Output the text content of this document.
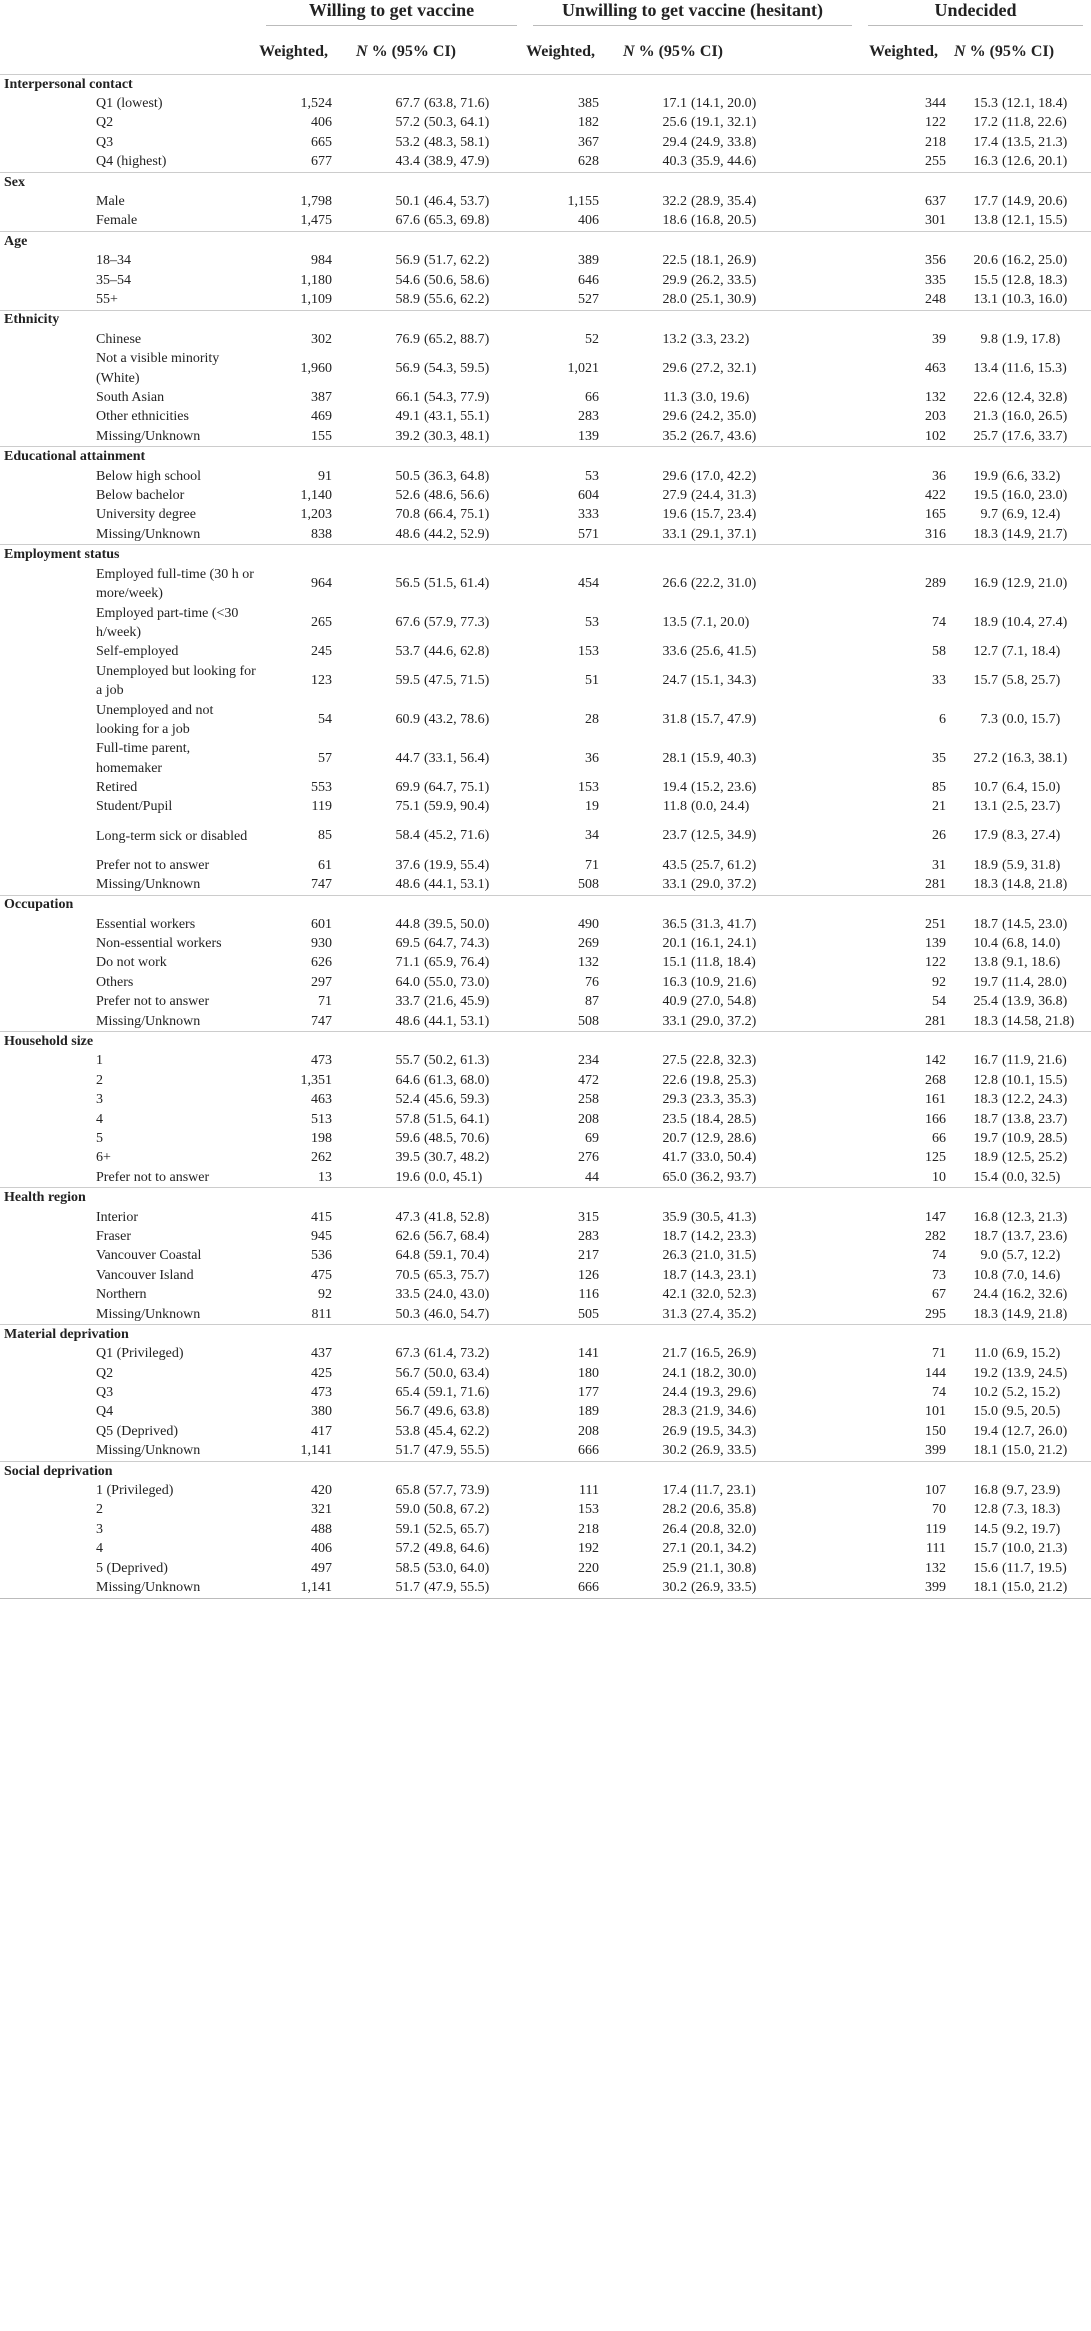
	Willing to get vaccine		Unwilling to get vaccine (hesitant)		Undecided	

	Weighted,	N % (95% CI)	Weighted,	N % (95% CI)	Weighted,	N % (95% CI)
Interpersonal contact						
Q1 (lowest)	1,524	67.7 (63.8, 71.6)	385	17.1 (14.1, 20.0)	344	15.3 (12.1, 18.4)
Q2	406	57.2 (50.3, 64.1)	182	25.6 (19.1, 32.1)	122	17.2 (11.8, 22.6)
Q3	665	53.2 (48.3, 58.1)	367	29.4 (24.9, 33.8)	218	17.4 (13.5, 21.3)
Q4 (highest)	677	43.4 (38.9, 47.9)	628	40.3 (35.9, 44.6)	255	16.3 (12.6, 20.1)
Sex						
Male	1,798	50.1 (46.4, 53.7)	1,155	32.2 (28.9, 35.4)	637	17.7 (14.9, 20.6)
Female	1,475	67.6 (65.3, 69.8)	406	18.6 (16.8, 20.5)	301	13.8 (12.1, 15.5)
Age						
18–34	984	56.9 (51.7, 62.2)	389	22.5 (18.1, 26.9)	356	20.6 (16.2, 25.0)
35–54	1,180	54.6 (50.6, 58.6)	646	29.9 (26.2, 33.5)	335	15.5 (12.8, 18.3)
55+	1,109	58.9 (55.6, 62.2)	527	28.0 (25.1, 30.9)	248	13.1 (10.3, 16.0)
Ethnicity						
Chinese	302	76.9 (65.2, 88.7)	52	13.2 (3.3, 23.2)	39	9.8 (1.9, 17.8)
Not a visible minority (White)	1,960	56.9 (54.3, 59.5)	1,021	29.6 (27.2, 32.1)	463	13.4 (11.6, 15.3)
South Asian	387	66.1 (54.3, 77.9)	66	11.3 (3.0, 19.6)	132	22.6 (12.4, 32.8)
Other ethnicities	469	49.1 (43.1, 55.1)	283	29.6 (24.2, 35.0)	203	21.3 (16.0, 26.5)
Missing/Unknown	155	39.2 (30.3, 48.1)	139	35.2 (26.7, 43.6)	102	25.7 (17.6, 33.7)
Educational attainment						
Below high school	91	50.5 (36.3, 64.8)	53	29.6 (17.0, 42.2)	36	19.9 (6.6, 33.2)
Below bachelor	1,140	52.6 (48.6, 56.6)	604	27.9 (24.4, 31.3)	422	19.5 (16.0, 23.0)
University degree	1,203	70.8 (66.4, 75.1)	333	19.6 (15.7, 23.4)	165	9.7 (6.9, 12.4)
Missing/Unknown	838	48.6 (44.2, 52.9)	571	33.1 (29.1, 37.1)	316	18.3 (14.9, 21.7)
Employment status						
Employed full-time (30 h or more/week)	964	56.5 (51.5, 61.4)	454	26.6 (22.2, 31.0)	289	16.9 (12.9, 21.0)
Employed part-time (<30 h/week)	265	67.6 (57.9, 77.3)	53	13.5 (7.1, 20.0)	74	18.9 (10.4, 27.4)
Self-employed	245	53.7 (44.6, 62.8)	153	33.6 (25.6, 41.5)	58	12.7 (7.1, 18.4)
Unemployed but looking for a job	123	59.5 (47.5, 71.5)	51	24.7 (15.1, 34.3)	33	15.7 (5.8, 25.7)
Unemployed and not looking for a job	54	60.9 (43.2, 78.6)	28	31.8 (15.7, 47.9)	6	7.3 (0.0, 15.7)
Full-time parent, homemaker	57	44.7 (33.1, 56.4)	36	28.1 (15.9, 40.3)	35	27.2 (16.3, 38.1)
Retired	553	69.9 (64.7, 75.1)	153	19.4 (15.2, 23.6)	85	10.7 (6.4, 15.0)
Student/Pupil	119	75.1 (59.9, 90.4)	19	11.8 (0.0, 24.4)	21	13.1 (2.5, 23.7)
Long-term sick or disabled	85	58.4 (45.2, 71.6)	34	23.7 (12.5, 34.9)	26	17.9 (8.3, 27.4)
Prefer not to answer	61	37.6 (19.9, 55.4)	71	43.5 (25.7, 61.2)	31	18.9 (5.9, 31.8)
Missing/Unknown	747	48.6 (44.1, 53.1)	508	33.1 (29.0, 37.2)	281	18.3 (14.8, 21.8)
Occupation						
Essential workers	601	44.8 (39.5, 50.0)	490	36.5 (31.3, 41.7)	251	18.7 (14.5, 23.0)
Non-essential workers	930	69.5 (64.7, 74.3)	269	20.1 (16.1, 24.1)	139	10.4 (6.8, 14.0)
Do not work	626	71.1 (65.9, 76.4)	132	15.1 (11.8, 18.4)	122	13.8 (9.1, 18.6)
Others	297	64.0 (55.0, 73.0)	76	16.3 (10.9, 21.6)	92	19.7 (11.4, 28.0)
Prefer not to answer	71	33.7 (21.6, 45.9)	87	40.9 (27.0, 54.8)	54	25.4 (13.9, 36.8)
Missing/Unknown	747	48.6 (44.1, 53.1)	508	33.1 (29.0, 37.2)	281	18.3 (14.58, 21.8)
Household size						
1	473	55.7 (50.2, 61.3)	234	27.5 (22.8, 32.3)	142	16.7 (11.9, 21.6)
2	1,351	64.6 (61.3, 68.0)	472	22.6 (19.8, 25.3)	268	12.8 (10.1, 15.5)
3	463	52.4 (45.6, 59.3)	258	29.3 (23.3, 35.3)	161	18.3 (12.2, 24.3)
4	513	57.8 (51.5, 64.1)	208	23.5 (18.4, 28.5)	166	18.7 (13.8, 23.7)
5	198	59.6 (48.5, 70.6)	69	20.7 (12.9, 28.6)	66	19.7 (10.9, 28.5)
6+	262	39.5 (30.7, 48.2)	276	41.7 (33.0, 50.4)	125	18.9 (12.5, 25.2)
Prefer not to answer	13	19.6 (0.0, 45.1)	44	65.0 (36.2, 93.7)	10	15.4 (0.0, 32.5)
Health region						
Interior	415	47.3 (41.8, 52.8)	315	35.9 (30.5, 41.3)	147	16.8 (12.3, 21.3)
Fraser	945	62.6 (56.7, 68.4)	283	18.7 (14.2, 23.3)	282	18.7 (13.7, 23.6)
Vancouver Coastal	536	64.8 (59.1, 70.4)	217	26.3 (21.0, 31.5)	74	9.0 (5.7, 12.2)
Vancouver Island	475	70.5 (65.3, 75.7)	126	18.7 (14.3, 23.1)	73	10.8 (7.0, 14.6)
Northern	92	33.5 (24.0, 43.0)	116	42.1 (32.0, 52.3)	67	24.4 (16.2, 32.6)
Missing/Unknown	811	50.3 (46.0, 54.7)	505	31.3 (27.4, 35.2)	295	18.3 (14.9, 21.8)
Material deprivation						
Q1 (Privileged)	437	67.3 (61.4, 73.2)	141	21.7 (16.5, 26.9)	71	11.0 (6.9, 15.2)
Q2	425	56.7 (50.0, 63.4)	180	24.1 (18.2, 30.0)	144	19.2 (13.9, 24.5)
Q3	473	65.4 (59.1, 71.6)	177	24.4 (19.3, 29.6)	74	10.2 (5.2, 15.2)
Q4	380	56.7 (49.6, 63.8)	189	28.3 (21.9, 34.6)	101	15.0 (9.5, 20.5)
Q5 (Deprived)	417	53.8 (45.4, 62.2)	208	26.9 (19.5, 34.3)	150	19.4 (12.7, 26.0)
Missing/Unknown	1,141	51.7 (47.9, 55.5)	666	30.2 (26.9, 33.5)	399	18.1 (15.0, 21.2)
Social deprivation						
1 (Privileged)	420	65.8 (57.7, 73.9)	111	17.4 (11.7, 23.1)	107	16.8 (9.7, 23.9)
2	321	59.0 (50.8, 67.2)	153	28.2 (20.6, 35.8)	70	12.8 (7.3, 18.3)
3	488	59.1 (52.5, 65.7)	218	26.4 (20.8, 32.0)	119	14.5 (9.2, 19.7)
4	406	57.2 (49.8, 64.6)	192	27.1 (20.1, 34.2)	111	15.7 (10.0, 21.3)
5 (Deprived)	497	58.5 (53.0, 64.0)	220	25.9 (21.1, 30.8)	132	15.6 (11.7, 19.5)
Missing/Unknown	1,141	51.7 (47.9, 55.5)	666	30.2 (26.9, 33.5)	399	18.1 (15.0, 21.2)
